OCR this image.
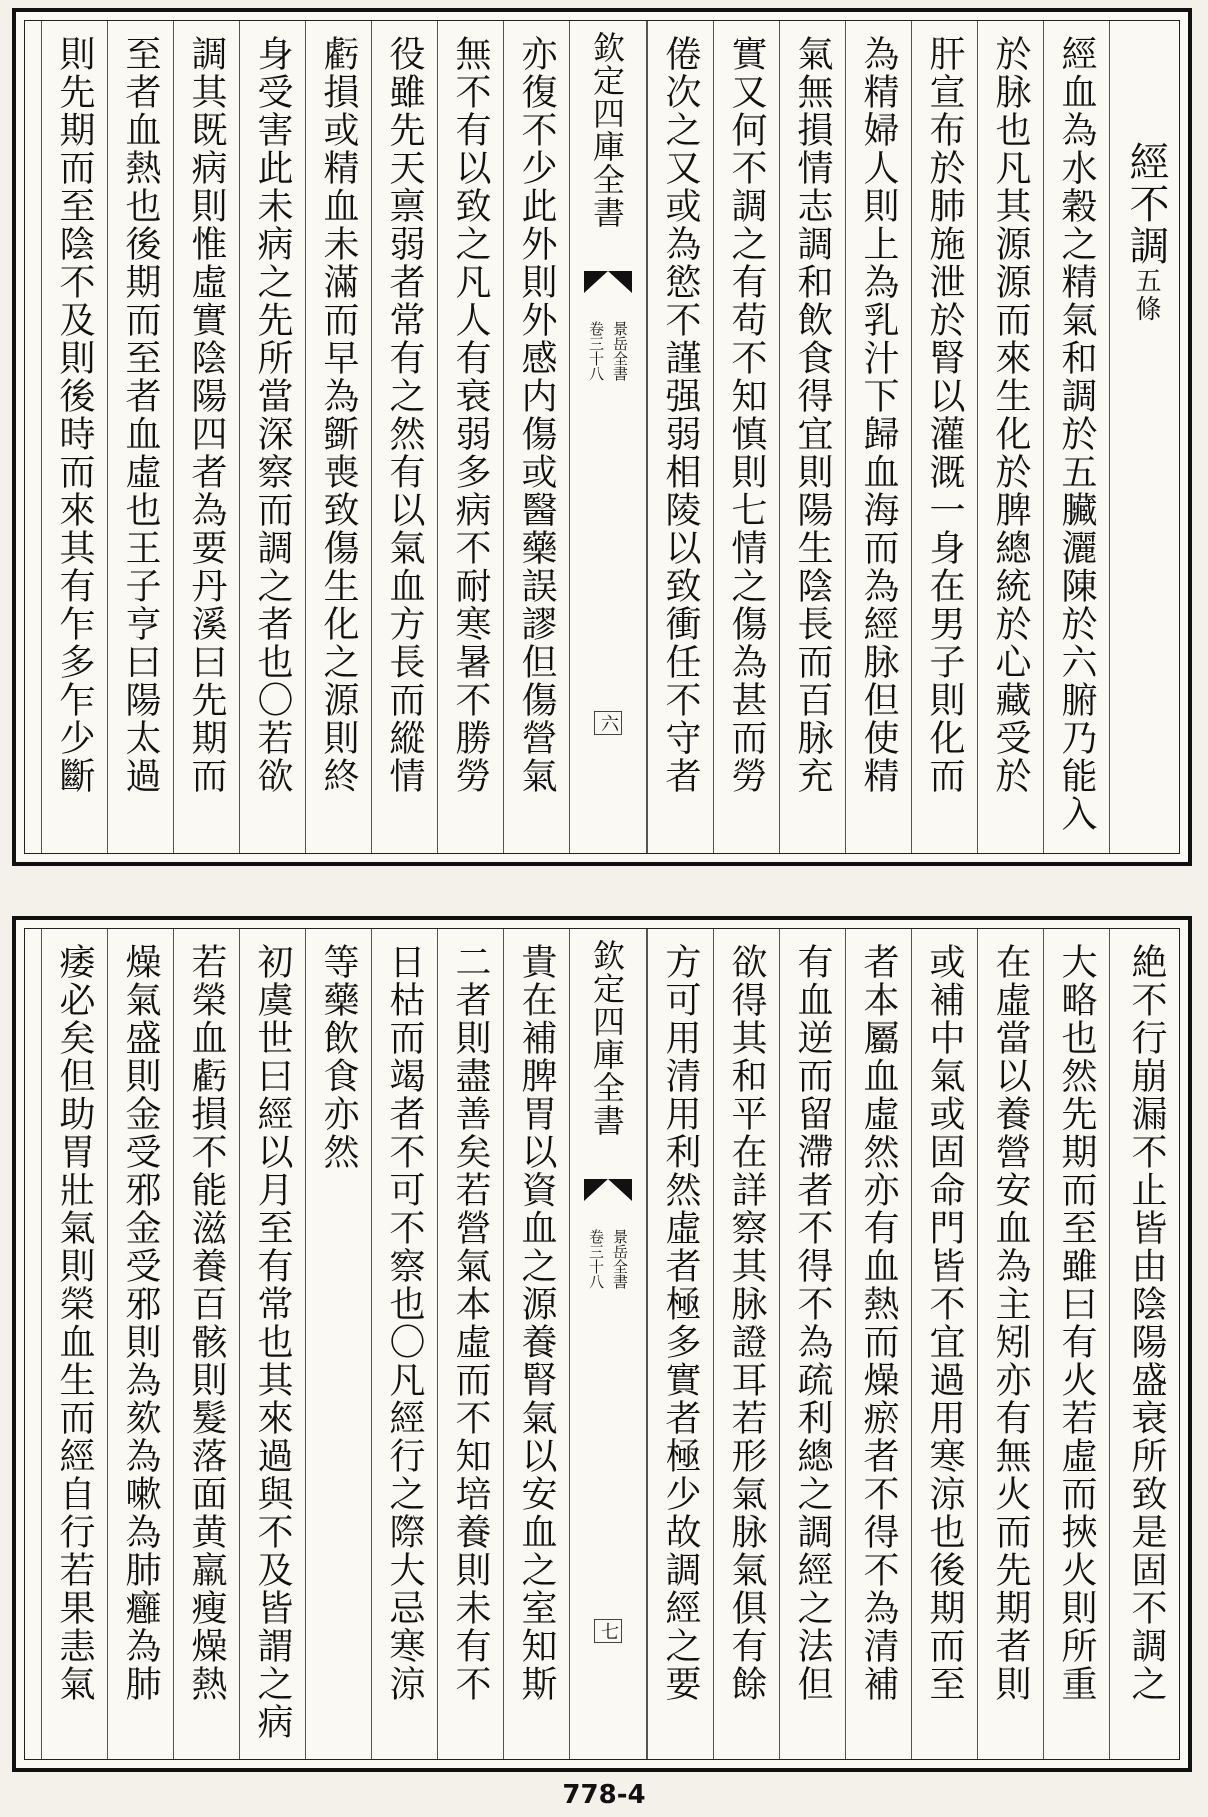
經不調五條
經血為水穀之精氣和調於五臟灑陳於六腑乃能入
於脉也凡其源源而來生化於脾總統於心藏受於
肝宣布於肺施泄於腎以灌溉一身在男子則化而
為精婦人則上為乳汁下歸血海而為經脉但使精
氣無損情志調和飲食得宜則陽生陰長而百脉充
實又何不調之有苟不知慎則七情之傷為甚而勞
倦次之又或為慾不謹强弱相陵以致衝任不守者
欽定四庫全書
景岳全書
卷三十八
六
亦復不少此外則外感内傷或醫藥誤謬但傷營氣
無不有以致之凡人有衰弱多病不耐寒暑不勝勞
役雖先天禀弱者常有之然有以氣血方長而縱情
虧損或精血未滿而早為斵喪致傷生化之源則終
身受害此未病之先所當深察而調之者也〇若欲
調其既病則惟虛實陰陽四者為要丹溪曰先期而
至者血熱也後期而至者血虛也王子亨曰陽太過
則先期而至陰不及則後時而來其有乍多乍少斷
絶不行崩漏不止皆由陰陽盛衰所致是固不調之
大略也然先期而至雖曰有火若虛而挾火則所重
在虛當以養營安血為主矧亦有無火而先期者則
或補中氣或固命門皆不宜過用寒涼也後期而至
者本屬血虛然亦有血熱而燥瘀者不得不為清補
有血逆而留滯者不得不為疏利總之調經之法但
欲得其和平在詳察其脉證耳若形氣脉氣俱有餘
方可用清用利然虛者極多實者極少故調經之要
欽定四庫全書
景岳全書
卷三十八
七
貴在補脾胃以資血之源養腎氣以安血之室知斯
二者則盡善矣若營氣本虛而不知培養則未有不
日枯而竭者不可不察也〇凡經行之際大忌寒涼
等藥飲食亦然
初虞世曰經以月至有常也其來過與不及皆謂之病
若榮血虧損不能滋養百骸則髮落面黄羸瘦燥熱
燥氣盛則金受邪金受邪則為欬為嗽為肺癰為肺
痿必矣但助胃壯氣則榮血生而經自行若果恚氣
778-4
